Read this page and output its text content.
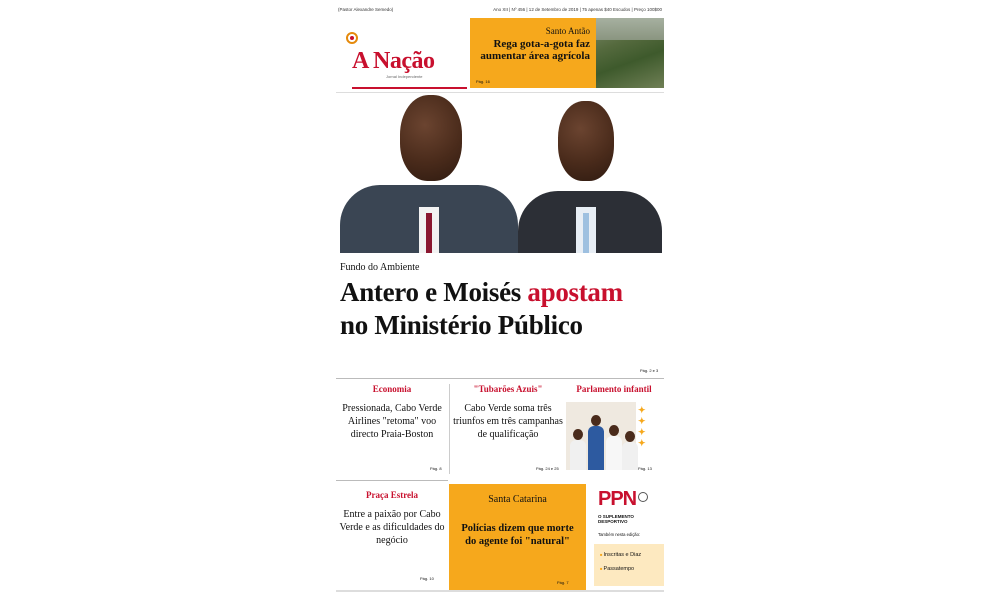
(Pastor Alexandre Semedo)	Ano XII | Nº 456 | 12 de Setembro de 2019 | 75 apenas $40 Escudos | Preço 100$00
A Nação
Jornal Independente
Santo Antão
Rega gota-a-gota faz aumentar área agrícola
Pág. 16
Fundo do Ambiente
Antero e Moisés apostam
no Ministério Público
Pág. 2 e 3
Economia
Pressionada, Cabo Verde Airlines "retoma" voo directo Praia-Boston
Pág. 8
"Tubarões Azuis"
Cabo Verde soma três triunfos em três campanhas de qualificação
Pág. 24 e 25
Parlamento infantil
✦
✦
✦
✦
Pág. 13
Praça Estrela
Entre a paixão por Cabo Verde e as dificuldades do negócio
Pág. 10
Santa Catarina
Polícias dizem que morte do agente foi "natural"
Pág. 7
PPN
O SUPLEMENTO DESPORTIVO
Também nesta edição:
■ Inscritas e Diaz
■ Passatempo
